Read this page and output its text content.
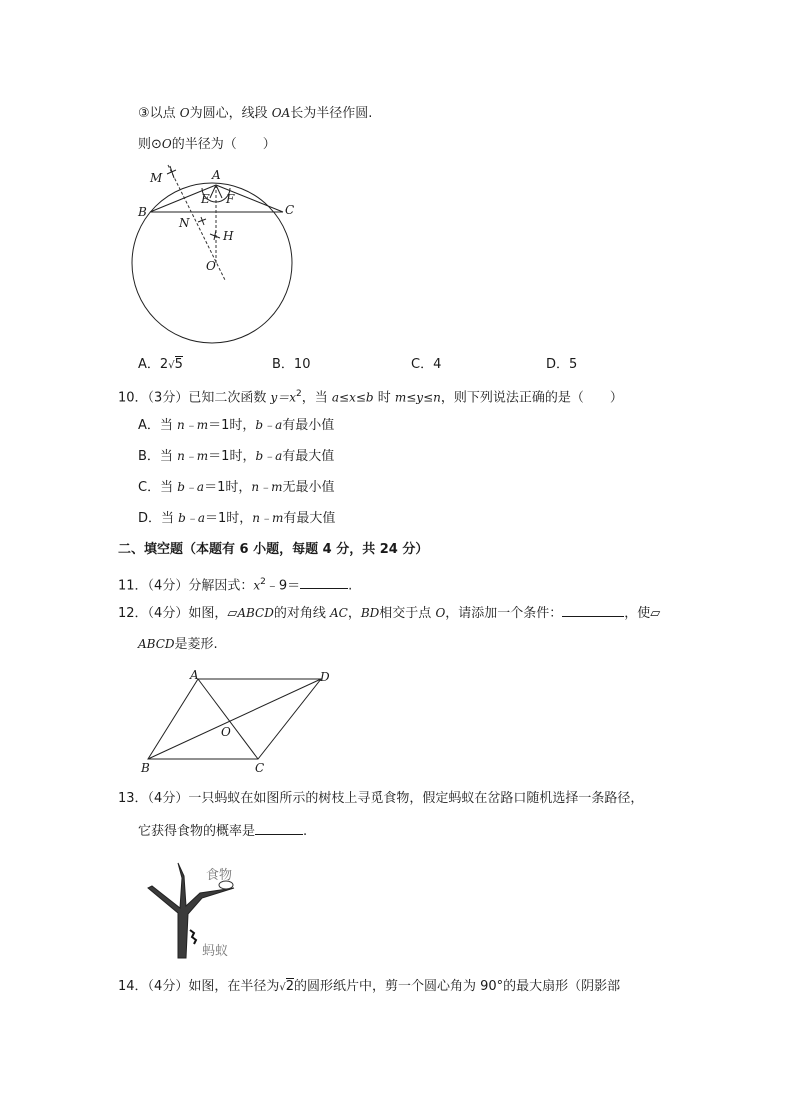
③以点 O为圆心，线段 OA长为半径作圆.
则⊙O的半径为（　　）
M	A
E F
B	C
N
H
O
A．2√5	B．10	C．4	D．5
10．（3分）已知二次函数 $y=x^2$，当 a≤x≤b 时 m≤y≤n，则下列说法正确的是（　　）
A．当 n﹣m＝1时，b﹣a有最小值
B．当 n﹣m＝1时，b﹣a有最大值
C．当 b﹣a＝1时，n﹣m无最小值
D．当 b﹣a＝1时，n﹣m有最大值
二、填空题（本题有 6 小题，每题 4 分，共 24 分）
11．（4分）分解因式：$x^2﹣9=$	.
12．（4分）如图，▱ABCD的对角线 AC，BD相交于点 O，请添加一个条件：	，使▱
ABCD是菱形.
A	D
O
B	C
13．（4分）一只蚂蚁在如图所示的树枝上寻觅食物，假定蚂蚁在岔路口随机选择一条路径，
它获得食物的概率是	.
食物
蚂蚁
14．（4分）如图，在半径为√2的圆形纸片中，剪一个圆心角为 90°的最大扇形（阴影部
